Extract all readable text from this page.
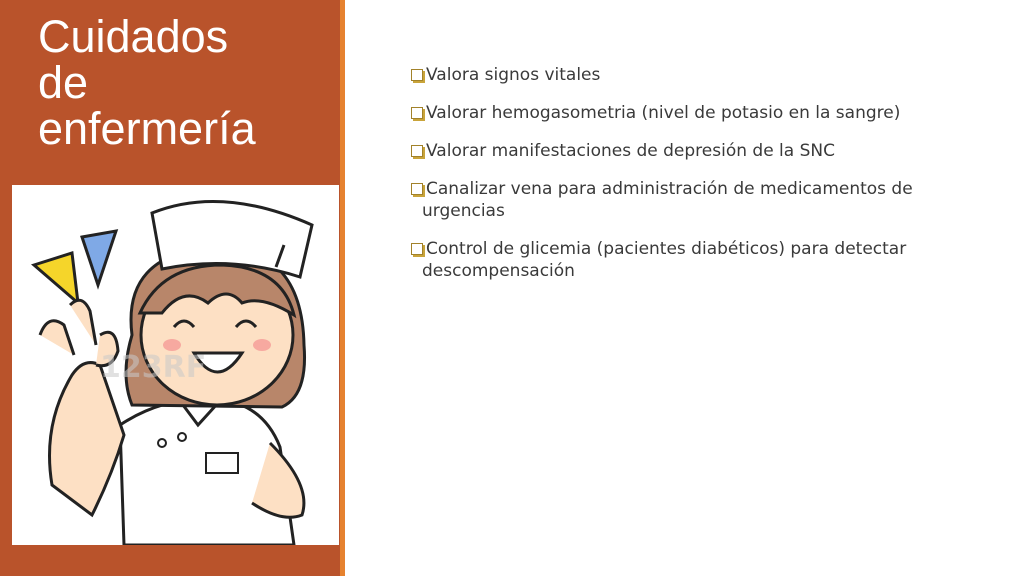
Cuidados
de
enfermería
123RF
Valora signos vitales
Valorar hemogasometria (nivel de potasio en la sangre)
Valorar manifestaciones de depresión de la SNC
Canalizar vena para administración de medicamentos de urgencias
Control de glicemia (pacientes diabéticos) para detectar descompensación
